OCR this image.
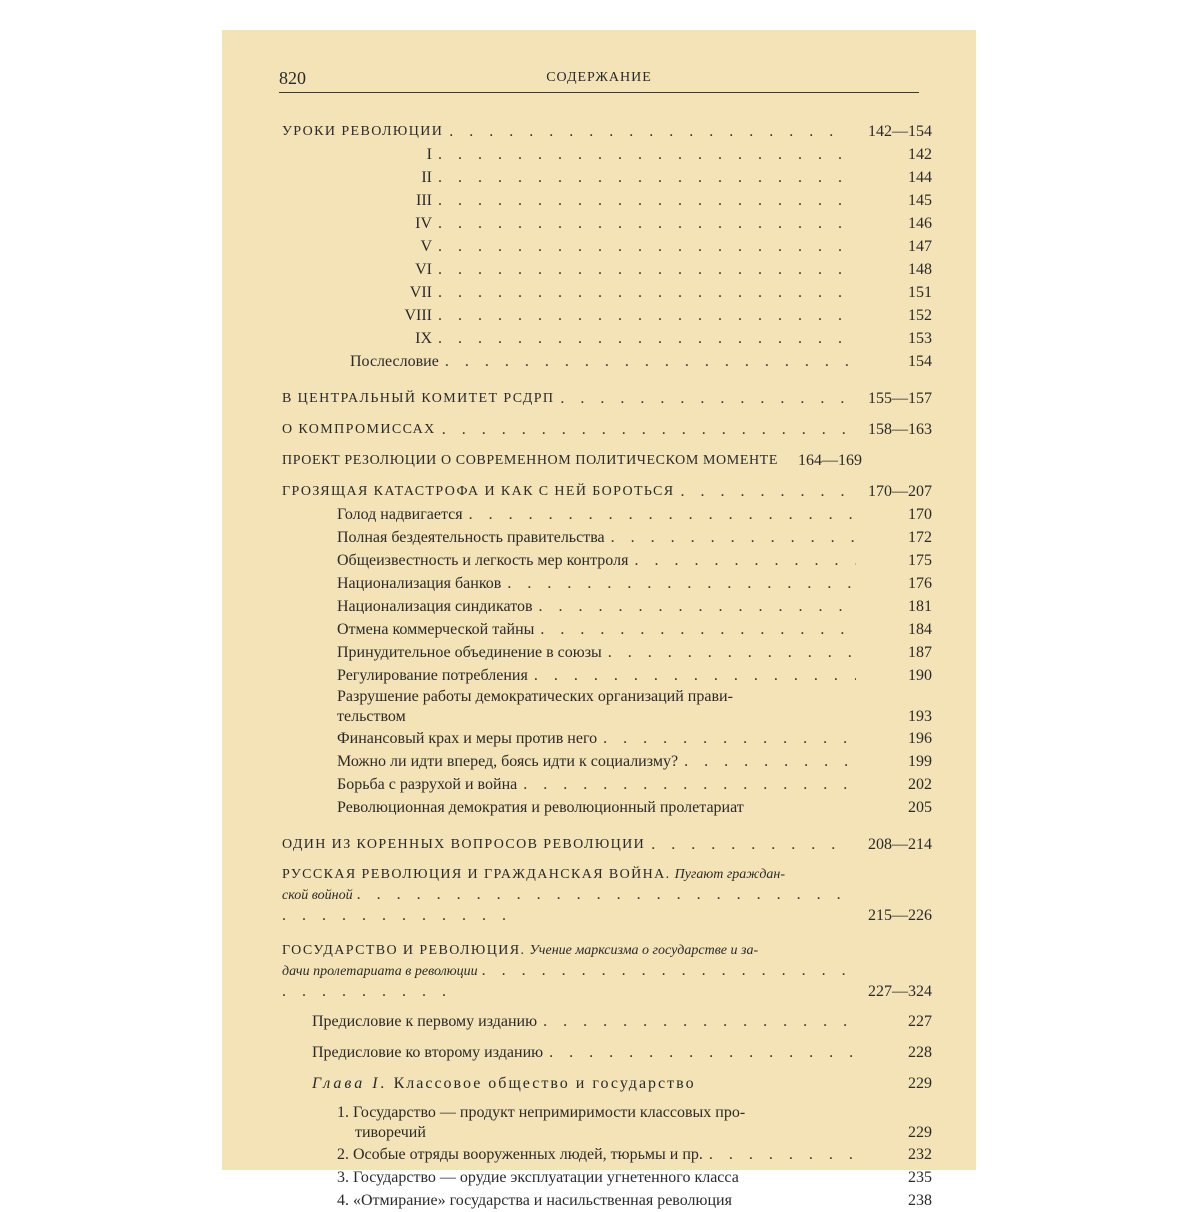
820	СОДЕРЖАНИЕ
УРОКИ РЕВОЛЮЦИИ . . .	142—154
I . . .	142
II . . .	144
III . . .	145
IV . . .	146
V . . .	147
VI . . .	148
VII . . .	151
VIII . . .	152
IX . . .	153
Послесловие . . .	154
В ЦЕНТРАЛЬНЫЙ КОМИТЕТ РСДРП . . .	155—157
О КОМПРОМИССАХ . . .	158—163
ПРОЕКТ РЕЗОЛЮЦИИ О СОВРЕМЕННОМ ПОЛИТИЧЕСКОМ МОМЕНТЕ	164—169
ГРОЗЯЩАЯ КАТАСТРОФА И КАК С НЕЙ БОРОТЬСЯ . . .	170—207
Голод надвигается . . .	170
Полная бездеятельность правительства . . .	172
Общеизвестность и легкость мер контроля . . .	175
Национализация банков . . .	176
Национализация синдикатов . . .	181
Отмена коммерческой тайны . . .	184
Принудительное объединение в союзы . . .	187
Регулирование потребления . . .	190
Разрушение работы демократических организаций прави-
тельством	193
Финансовый крах и меры против него . . .	196
Можно ли идти вперед, боясь идти к социализму? . . .	199
Борьба с разрухой и война . . .	202
Революционная демократия и революционный пролетариат	205
ОДИН ИЗ КОРЕННЫХ ВОПРОСОВ РЕВОЛЮЦИИ . . .	208—214
РУССКАЯ РЕВОЛЮЦИЯ И ГРАЖДАНСКАЯ ВОЙНА. Пугают граждан-
ской войной . . . . . . . . . . . . . . . . . . . . . . . . . . . . . . . . . . . . .	215—226
ГОСУДАРСТВО И РЕВОЛЮЦИЯ. Учение марксизма о государстве и за-
дачи пролетариата в революции . . . . . . . . . . . . . . . . . . . . . . . . . . . .	227—324
Предисловие к первому изданию . . .	227
Предисловие ко второму изданию . . .	228
Глава I. Классовое общество и государство	229
1. Государство — продукт непримиримости классовых про-
тиворечий	229
2. Особые отряды вооруженных людей, тюрьмы и пр. . . .	232
3. Государство — орудие эксплуатации угнетенного класса	235
4. «Отмирание» государства и насильственная революция	238
